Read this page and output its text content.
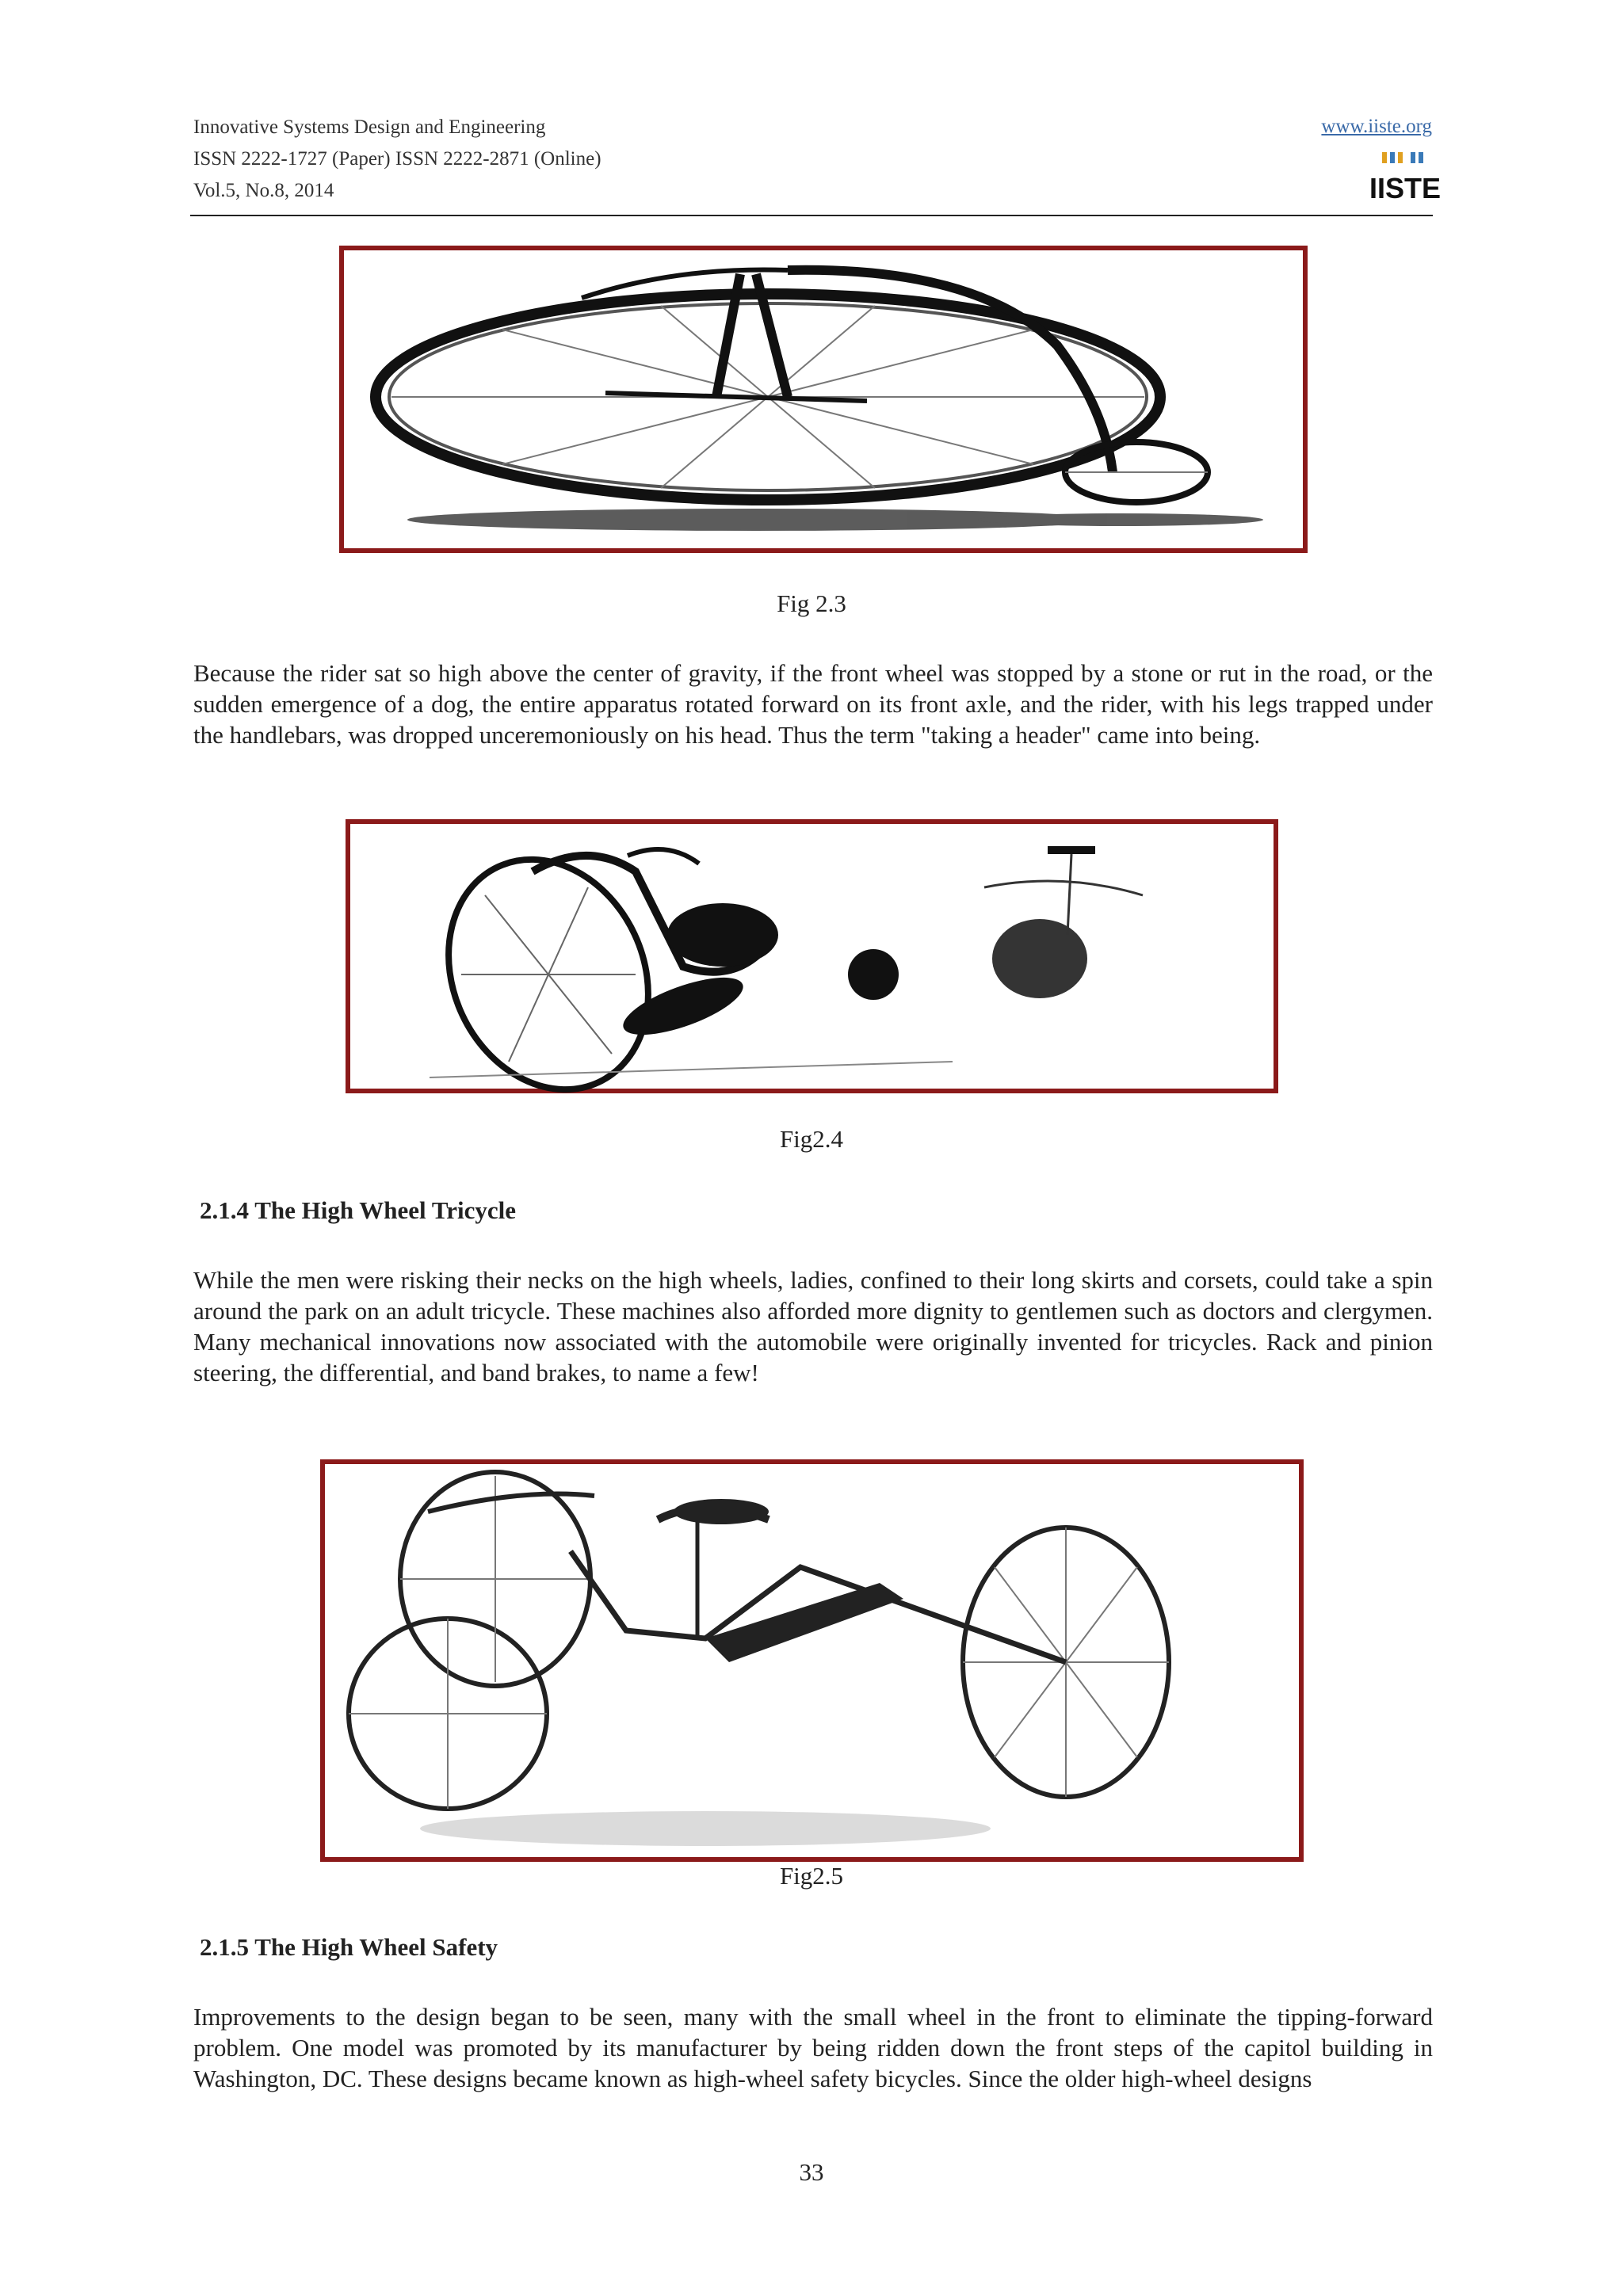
Innovative Systems Design and Engineering
ISSN 2222-1727 (Paper) ISSN 2222-2871 (Online)
Vol.5, No.8, 2014
www.iiste.org
IISTE
Fig 2.3
Because the rider sat so high above the center of gravity, if the front wheel was stopped by a stone or rut in the road, or the sudden emergence of a dog, the entire apparatus rotated forward on its front axle, and the rider, with his legs trapped under the handlebars, was dropped unceremoniously on his head. Thus the term "taking a header" came into being.
Fig2.4
2.1.4 The High Wheel Tricycle
While the men were risking their necks on the high wheels, ladies, confined to their long skirts and corsets, could take a spin around the park on an adult tricycle. These machines also afforded more dignity to gentlemen such as doctors and clergymen. Many mechanical innovations now associated with the automobile were originally invented for tricycles. Rack and pinion steering, the differential, and band brakes, to name a few!
Fig2.5
2.1.5 The High Wheel Safety
Improvements to the design began to be seen, many with the small wheel in the front to eliminate the tipping-forward problem. One model was promoted by its manufacturer by being ridden down the front steps of the capitol building in Washington, DC. These designs became known as high-wheel safety bicycles. Since the older high-wheel designs
33
